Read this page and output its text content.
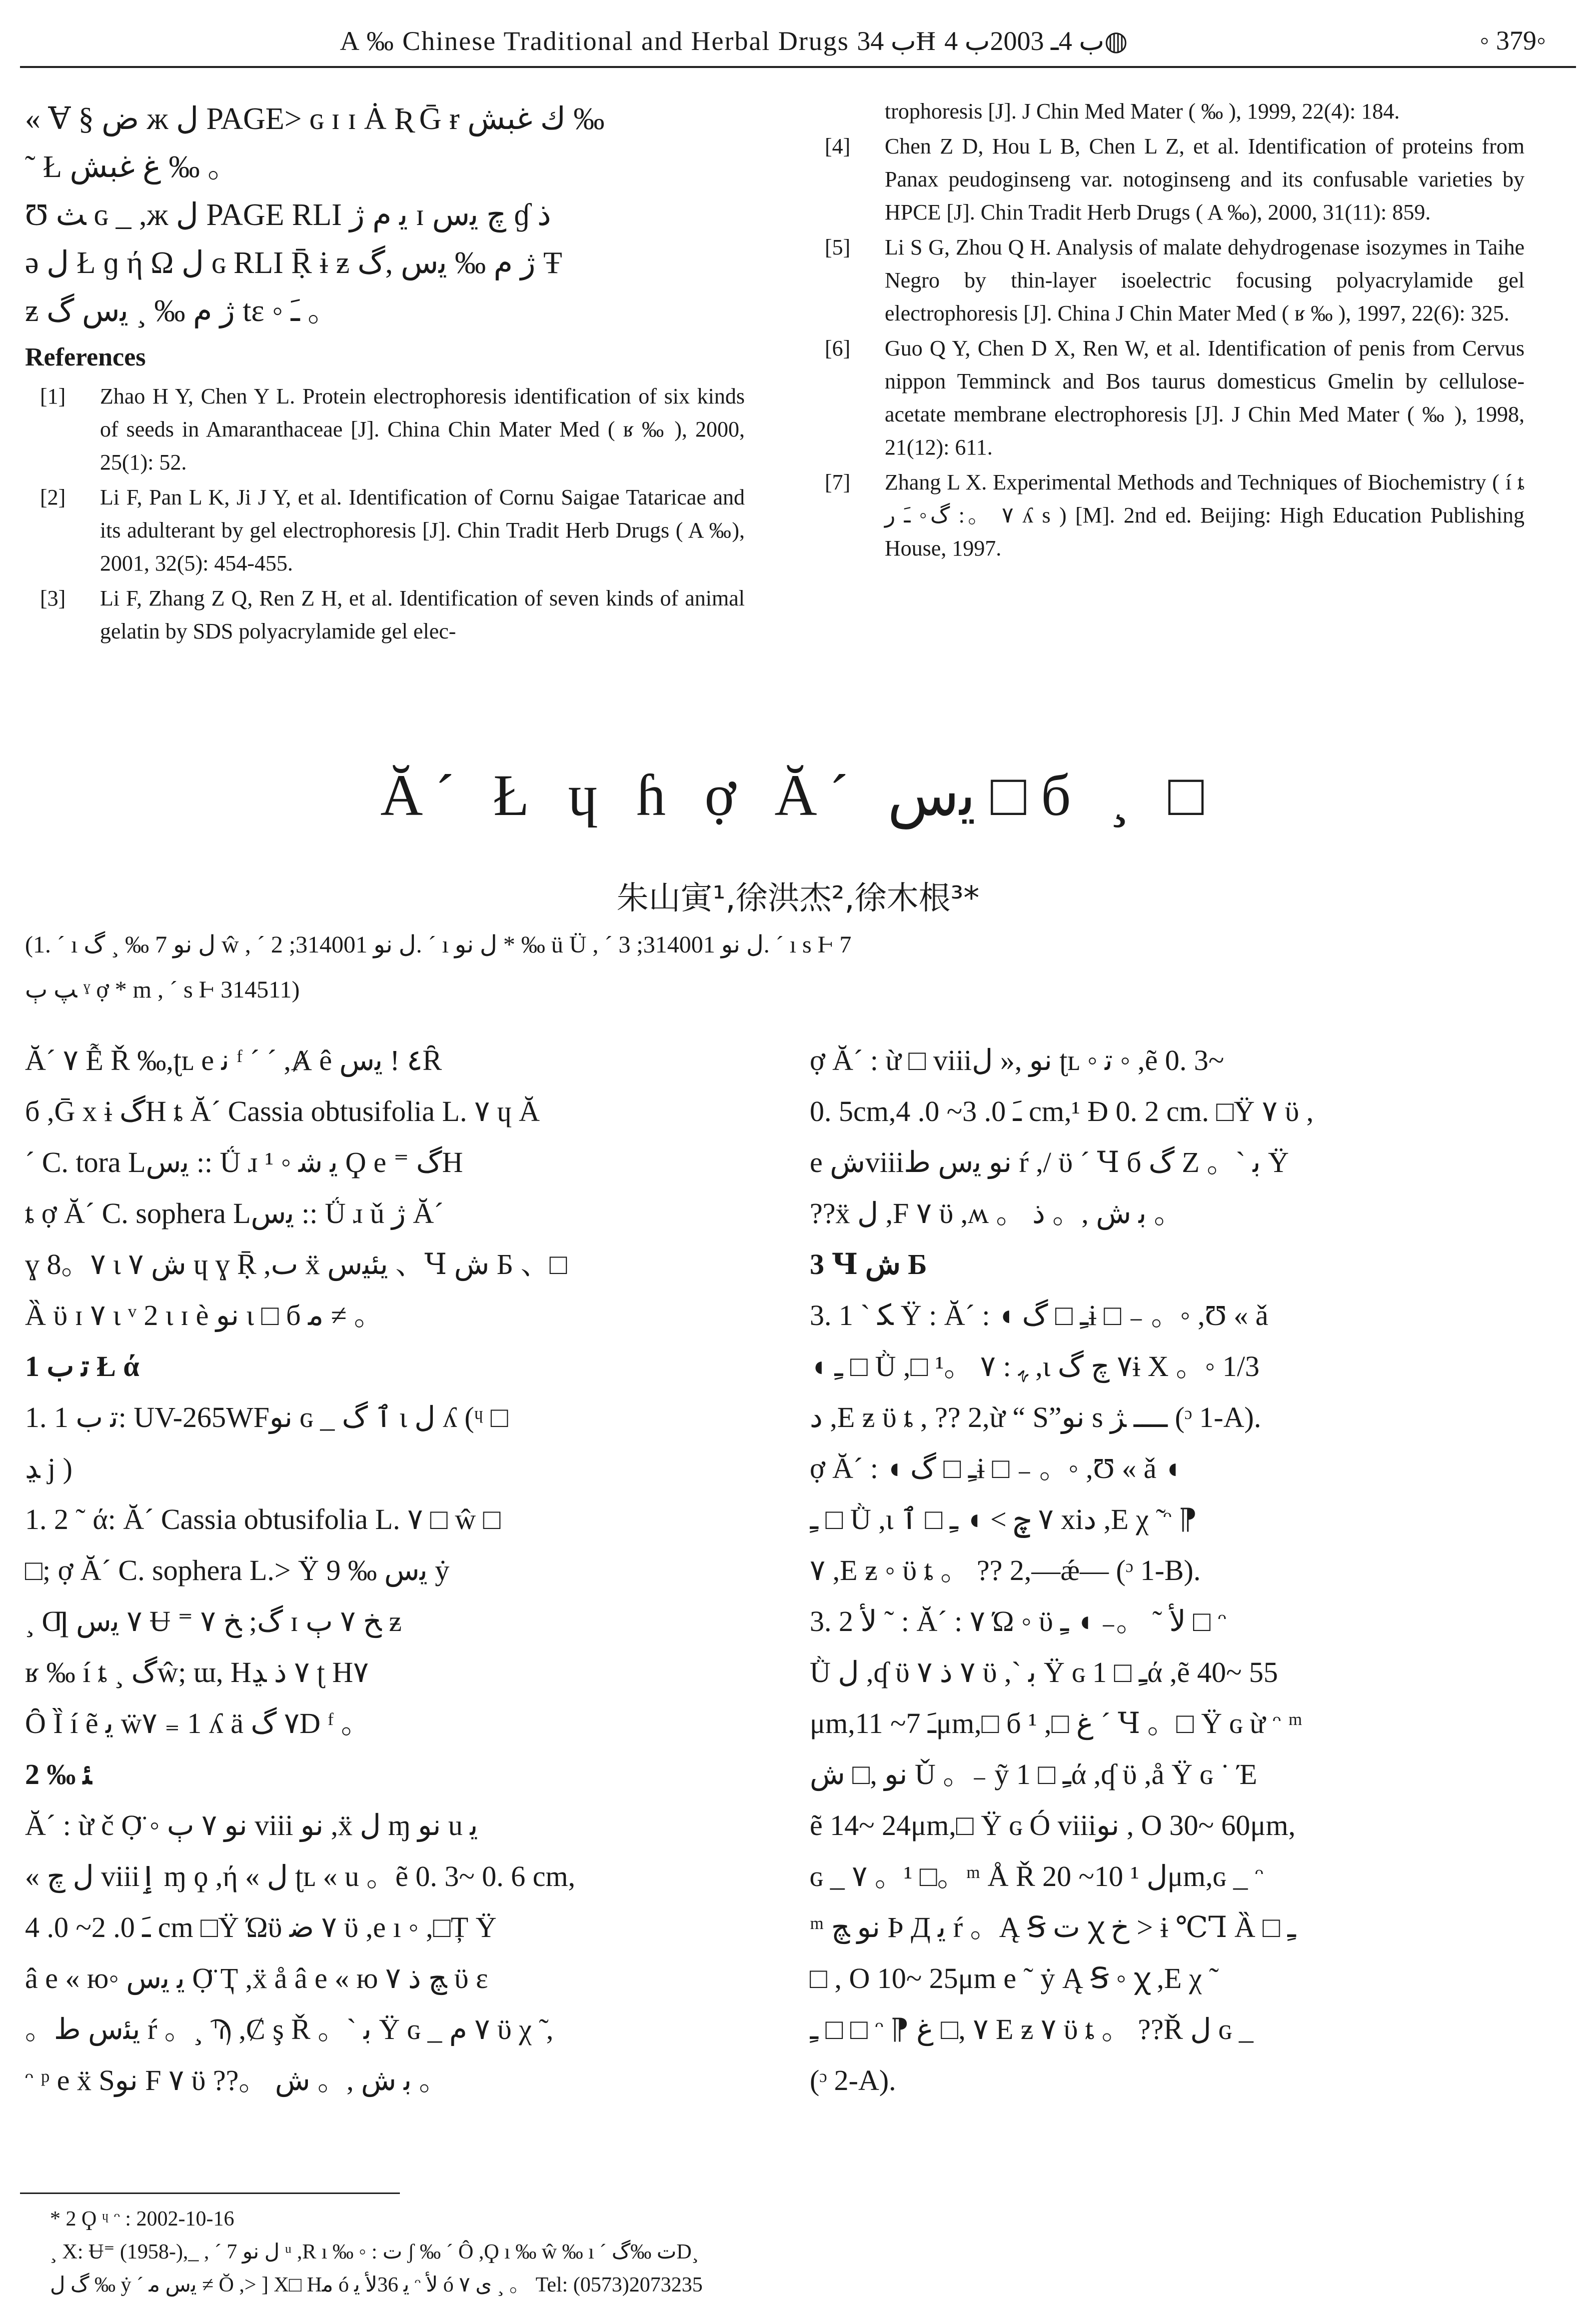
A ‰ Chinese Traditional and Herbal Drugs ب 34Ħ ب 4ـ 2003ب 4◍	◦ 379◦
« Ɐ § ض ж ل PAGE> ɢ ɪ ɪ Ȧ Ʀ Ḡ ɍ ﻙ غبش ‰
˜ Ł غ غبش ‰ 。
Ʊ ﺚ ɢ _ ,ж ل PAGE RLI ﻳ م ژ ɪ چ ﻳس ɠ ذ
ǝ ل Ł ɡ ή Ω ل ɢ RLI Ṝ ɨ ƶ ژ م ‰ ﻳس ,گ Ŧ
ƶ ژ م ‰ ¸ ﻳس ﮒ tɛ ◦ ﹷ 。
References
[1] Zhao H Y, Chen Y L. Protein electrophoresis identification of six kinds of seeds in Amaranthaceae [J]. China Chin Mater Med ( ʁ ‰ ), 2000, 25(1): 52.
[2] Li F, Pan L K, Ji J Y, et al. Identification of Cornu Saigae Tataricae and its adulterant by gel electrophoresis [J]. Chin Tradit Herb Drugs ( A ‰), 2001, 32(5): 454-455.
[3] Li F, Zhang Z Q, Ren Z H, et al. Identification of seven kinds of animal gelatin by SDS polyacrylamide gel elec-
trophoresis [J]. J Chin Med Mater ( ‰ ), 1999, 22(4): 184.
[4] Chen Z D, Hou L B, Chen L Z, et al. Identification of proteins from Panax peudoginseng var. notoginseng and its confusable varieties by HPCE [J]. Chin Tradit Herb Drugs ( A ‰), 2000, 31(11): 859.
[5] Li S G, Zhou Q H. Analysis of malate dehydrogenase isozymes in Taihe Negro by thin-layer isoelectric focusing polyacrylamide gel electrophoresis [J]. China J Chin Mater Med ( ʁ ‰ ), 1997, 22(6): 325.
[6] Guo Q Y, Chen D X, Ren W, et al. Identification of penis from Cervus nippon Temminck and Bos taurus domesticus Gmelin by cellulose-acetate membrane electrophoresis [J]. J Chin Med Mater ( ‰ ), 1998, 21(12): 611.
[7] Zhang L X. Experimental Methods and Techniques of Biochemistry ( í ȶ ٧ 。: ﮒ◦ ﹷ ﺭ ʎ s ) [M]. 2nd ed. Beijing: High Education Publishing House, 1997.
Ă´ Ł ɥ ɦ ợ Ă´ ﻳس □ б ¸ □
朱山寅¹,徐洪杰²,徐木根³*
(1. ´ ı ل ﻧﻮ 7 ‰ ¸ ﮒ ŵ , ´ ل ﻧﻮ 314001; 2. ´ ı ل ﻧﻮ * ‰ ü Ü , ´ ل ﻧﻮ 314001; 3. ´ ı s Ⱶ 7
ﭗ ٻ ˠ ợ * m , ´ s Ⱶ 314511)
Ă´ ٧ Ễ Ř ‰,ʈʟ e ﻧ ᶠ ´ ´ ,Ⱥ ê ٤ ! ﻳسȒ
б ,Ḡ x ɨ گH ȶ Ă´ Cassia obtusifolia L. ٧ ɥ Ă
´ C. tora Lﻳس :: Ǘ ɹ ¹ ◦ ﻳ ﺷ Ϙ e ⁼ گH
ȶ ợ Ă´ C. sophera Lﻳس :: Ǘ ɹ ǔ ژ Ă´
ɣ 8。٧ ɩ ﺵ ٧ ɥ ɣ Ṝ ,ٮ ẍ ﻳﺌﻴس 、Ɥ ﺵ Б 、□
Ȁ ϋ ɪ ٧ ɩ ᵛ 2 ɩ ɪ è ﻧﻮ ɩ □ б ﻣ ≠ 。
1 ﺗ ب Ł ά
1. 1 ﺗ ب: UV-265WFﻧﻮ ɢ _ ٱ گ ɩ ل ʎ (ᶣ □
ﮃ j )
1. 2 ˜ ά: Ă´ Cassia obtusifolia L. ٧ □ ŵ □
□; ợ Ă´ C. sophera L.> Ÿ 9 ‰ ﻳس ẏ
¸ Ƣ ٧ ﻳس Ʉ ⁼ ﮒ; ﺦ ٧ ɪ ﺦ ٧ ٻ ƶ
ʁ ‰ í ȶ ¸ گŵ; ɯ, H٧ ﺫ ﮃ ʈ H٧
Ȏ Ȉ í ẽ ﻳ ẅ٧ ₌ 1 ʎ ä ٧ گD ᶠ 。
2 ‰ ﺌ
Ă´ : ừ č Ọ̈ ◦ ﻧﻮ ٧ ٻ viii ﻧﻮ ,ẍ ل ɱ ﻧﻮ u ﻳ
« ل چ viiiٳ ɱ ϙ ,ή « ل ʈʟ « u 。ẽ 0. 3~ 0. 6 cm,
ﹷ 0. 2~ 0. 4 cm □Ÿ Ώϋ ٧ ﺿ ϋ ,e ı ◦ ,□Ț Ÿ
â e « ю◦ ﻳ ﻳس Ọ̈ Ҭ ,ẍ å â e « ю ﭻ ﺫ ٧ ϋ ε
。ﻳﺌس ﻁ ŕ 。¸ Ϡ ,Ȼ ş Ř 。` ﺑ Ÿ ɢ _ ٧ م ϋ χ ̃ ,
ᵔ ᵖ e ẍ Sﻧﻮ F ٧ ϋ ??。 ﺑ ﺵ ,。 ﺵ 。
ợ Ă´ : ừ □ viiiﻧﻮ ,« ل ʈʟ ◦ ﺗ ◦ ,ẽ 0. 3~
0. 5cm,ﹷ 0. 3~ 0. 4 cm,¹ Ð 0. 2 cm. □Ÿ ٧ ϋ ,
e ﺵviiiﻧﻮ ﻳس ﻁ ŕ ,/ ϋ ´ Ɥ б ﮒ Ζ 。` ﺑ Ÿ
??ẍ ل ,F ٧ ϋ ,ʍ 。 ﺑ ﺵ ,。 ﺫ 。
3 Ɥ ﺵ Б
3. 1 ` ﮑ Ÿ : Ă´ : ◖ ﹻ □ گɨ □ ₋ 。◦ ,Ʊ « ǎ
◖ ﹻ □ Ǜ ,□ ﮩ : ٧ 。¹ ,ɩ ٧ چ گɨ Χ 。◦ 1/3
ﺩ ,E ƶ ϋ ȶ , ?? 2,ừ “ S”ﻧﻮ s ــــ ﮋ (ᵓ 1-A).
ợ Ă´ : ◖ ﹻ □ گɨ □ ₋ 。◦ ,Ʊ « ǎ ◖
ﹻ □ Ǜ ,ɩ ٧ چ > ◖ ﹻ □ ٱ xiﺩ ,E χ ̃ ᵔ ⁋
٧ ,E ƶ ◦ ϋ ȶ 。 ?? 2,—ǽ— (ᵓ 1-B).
3. 2 ﻷ ˜ : Ă´ : ٧ Ώ ◦ ϋ ﻷ ˜ 。₋ ◖ ﹻ □ ᵔ
Ǜ ل ,ʠ ϋ ٧ ﺫ ٧ ϋ ,` ﺑ Ÿ ɢ ﹻ □ 1ά ,ẽ 40~ 55
μm,ﹷ 7~ 11μm,□ б ¹ ,□ ﻍ ´ Ɥ 。□ Ÿ ɢ ừ ᵔ ᵐ
ﻧﻮ ,□ ﺵ Ǔ 。₋ ỹ ﹻ □ 1ά ,ʠ ϋ ,å Ÿ ɢ ˙ Έ
ẽ 14~ 24μm,□ Ÿ ɢ Ó viiiﻧﻮ , O 30~ 60μm,
ɢ _ ٧ 。¹ □。ᵐ Å Ř ل ¹ 10~ 20μm,ɢ _ ᵔ
ᵐ ﻧﻮ ﭻ Ϸ Д ﻳ ŕ 。Ą Ꞩ ﺕ ꭓ ﺥ > ɨ ℃Ꞁ Ȁ □ ﹻ
□ , O 10~ 25μm e ˜ ẏ Ą Ꞩ ◦ ꭓ ,E χ ̃
ﹻ □ □ ᵔ ⁋ ٧ ,□ ﻍ E ƶ ٧ ϋ ȶ 。 ??Ř ل ɢ _
(ᵓ 2-A).
* 2 Ϙ ᶣ ᵔ : 2002-10-16
¸ Χ: Ʉ⁼ (1958-),_ , ´ ل ﻧﻮ 7 ᵘ ,R ı ‰ ◦ : ﺕ ʃ ‰ ´ Ô ,Ϙ ı ‰ ŵ ‰ ı ´ ﺕ ‰گD¸
ﮒ ل ‰ ẏ ´ ﻳس ﻣ ≠ Ŏ ,> ] X□ Hﻣ ó ﻳ 36ﻷ ﻳ ᵔ ﻷ ó ﻯ ٧ ¸ 。 Tel: (0573)2073235
